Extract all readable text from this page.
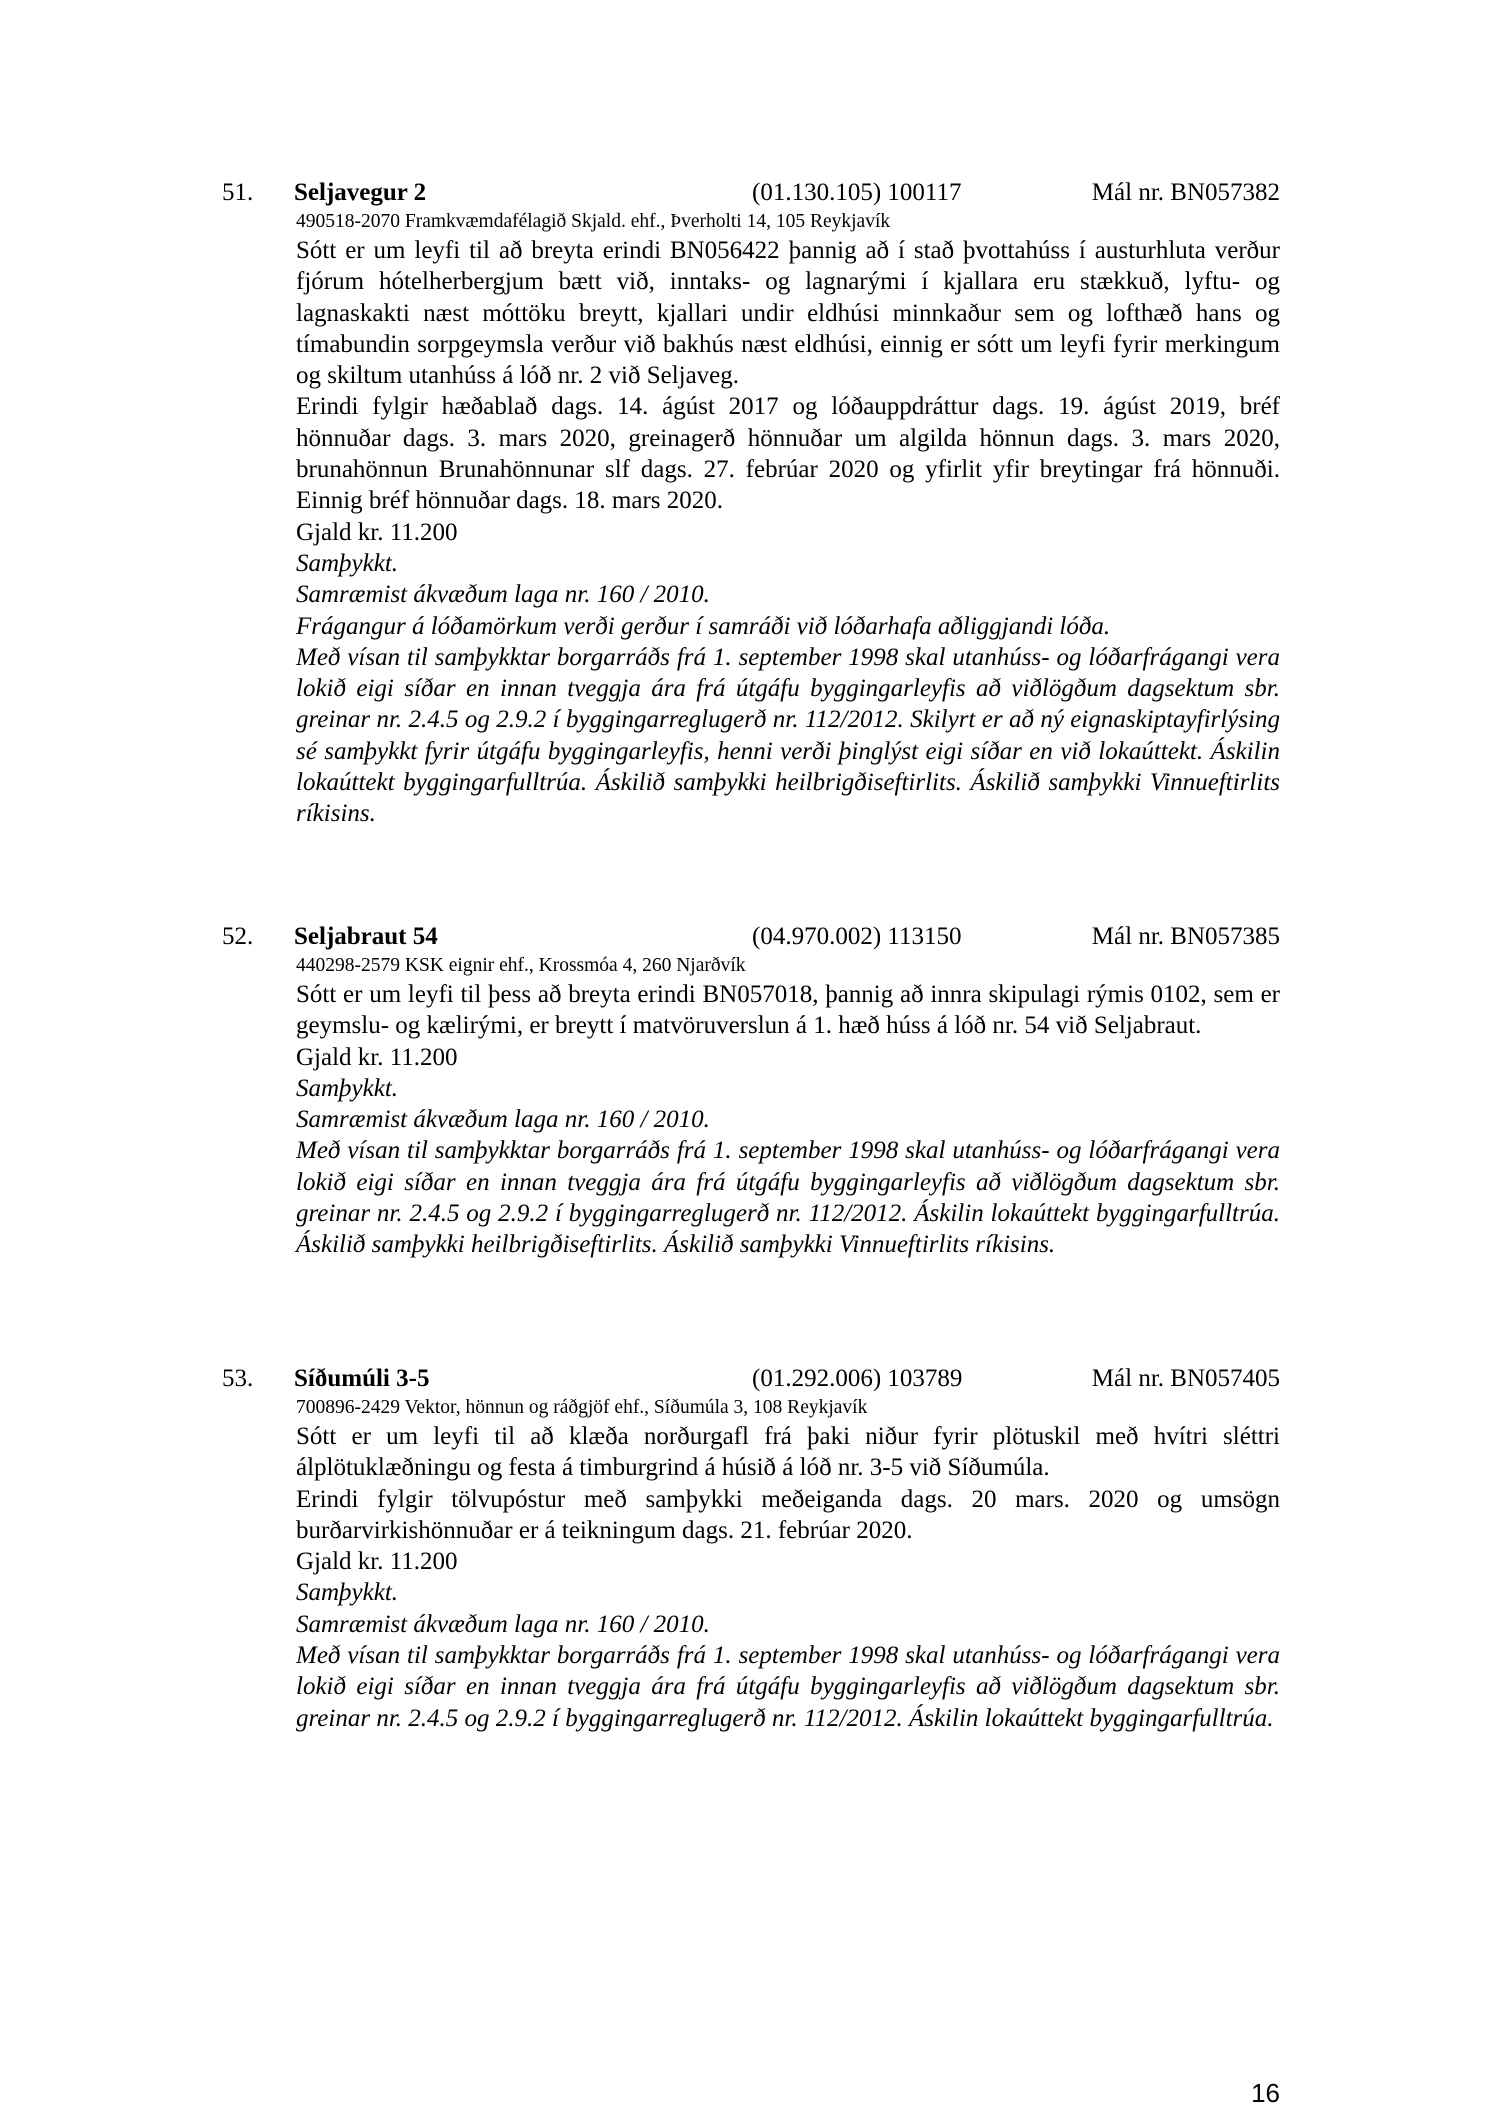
51. Seljavegur 2	(01.130.105) 100117	Mál nr. BN057382
490518-2070 Framkvæmdafélagið Skjald. ehf., Þverholti 14, 105 Reykjavík

Sótt er um leyfi til að breyta erindi BN056422 þannig að í stað þvottahúss í austurhluta verður fjórum hótelherbergjum bætt við, inntaks- og lagnarými í kjallara eru stækkuð, lyftu- og lagnaskakti næst móttöku breytt, kjallari undir eldhúsi minnkaður sem og lofthæð hans og tímabundin sorpgeymsla verður við bakhús næst eldhúsi, einnig er sótt um leyfi fyrir merkingum og skiltum utanhúss á lóð nr. 2 við Seljaveg.

Erindi fylgir hæðablað dags. 14. ágúst 2017 og lóðauppdráttur dags. 19. ágúst 2019, bréf hönnuðar dags. 3. mars 2020, greinagerð hönnuðar um algilda hönnun dags. 3. mars 2020, brunahönnun Brunahönnunar slf dags. 27. febrúar 2020 og yfirlit yfir breytingar frá hönnuði. Einnig bréf hönnuðar dags. 18. mars 2020.

Gjald kr. 11.200

Samþykkt.

Samræmist ákvæðum laga nr. 160 / 2010.

Frágangur á lóðamörkum verði gerður í samráði við lóðarhafa aðliggjandi lóða.

Með vísan til samþykktar borgarráðs frá 1. september 1998 skal utanhúss- og lóðarfrágangi vera lokið eigi síðar en innan tveggja ára frá útgáfu byggingarleyfis að viðlögðum dagsektum sbr. greinar nr. 2.4.5 og 2.9.2 í byggingarreglugerð nr. 112/2012. Skilyrt er að ný eignaskiptayfirlýsing sé samþykkt fyrir útgáfu byggingarleyfis, henni verði þinglýst eigi síðar en við lokaúttekt. Áskilin lokaúttekt byggingarfulltrúa. Áskilið samþykki heilbrigðiseftirlits. Áskilið samþykki Vinnueftirlits ríkisins.

52. Seljabraut 54	(04.970.002) 113150	Mál nr. BN057385
440298-2579 KSK eignir ehf., Krossmóa 4, 260 Njarðvík

Sótt er um leyfi til þess að breyta erindi BN057018, þannig að innra skipulagi rýmis 0102, sem er geymslu- og kælirými, er breytt í matvöruverslun á 1. hæð húss á lóð nr. 54 við Seljabraut.

Gjald kr. 11.200

Samþykkt.

Samræmist ákvæðum laga nr. 160 / 2010.

Með vísan til samþykktar borgarráðs frá 1. september 1998 skal utanhúss- og lóðarfrágangi vera lokið eigi síðar en innan tveggja ára frá útgáfu byggingarleyfis að viðlögðum dagsektum sbr. greinar nr. 2.4.5 og 2.9.2 í byggingarreglugerð nr. 112/2012. Áskilin lokaúttekt byggingarfulltrúa. Áskilið samþykki heilbrigðiseftirlits. Áskilið samþykki Vinnueftirlits ríkisins.

53. Síðumúli 3-5	(01.292.006) 103789	Mál nr. BN057405
700896-2429 Vektor, hönnun og ráðgjöf ehf., Síðumúla 3, 108 Reykjavík

Sótt er um leyfi til að klæða norðurgafl frá þaki niður fyrir plötuskil með hvítri sléttri álplötuklæðningu og festa á timburgrind á húsið á lóð nr. 3-5 við Síðumúla.

Erindi fylgir tölvupóstur með samþykki meðeiganda dags. 20 mars. 2020 og umsögn burðarvirkishönnuðar er á teikningum dags. 21. febrúar 2020.

Gjald kr. 11.200

Samþykkt.

Samræmist ákvæðum laga nr. 160 / 2010.

Með vísan til samþykktar borgarráðs frá 1. september 1998 skal utanhúss- og lóðarfrágangi vera lokið eigi síðar en innan tveggja ára frá útgáfu byggingarleyfis að viðlögðum dagsektum sbr. greinar nr. 2.4.5 og 2.9.2 í byggingarreglugerð nr. 112/2012. Áskilin lokaúttekt byggingarfulltrúa.

16
